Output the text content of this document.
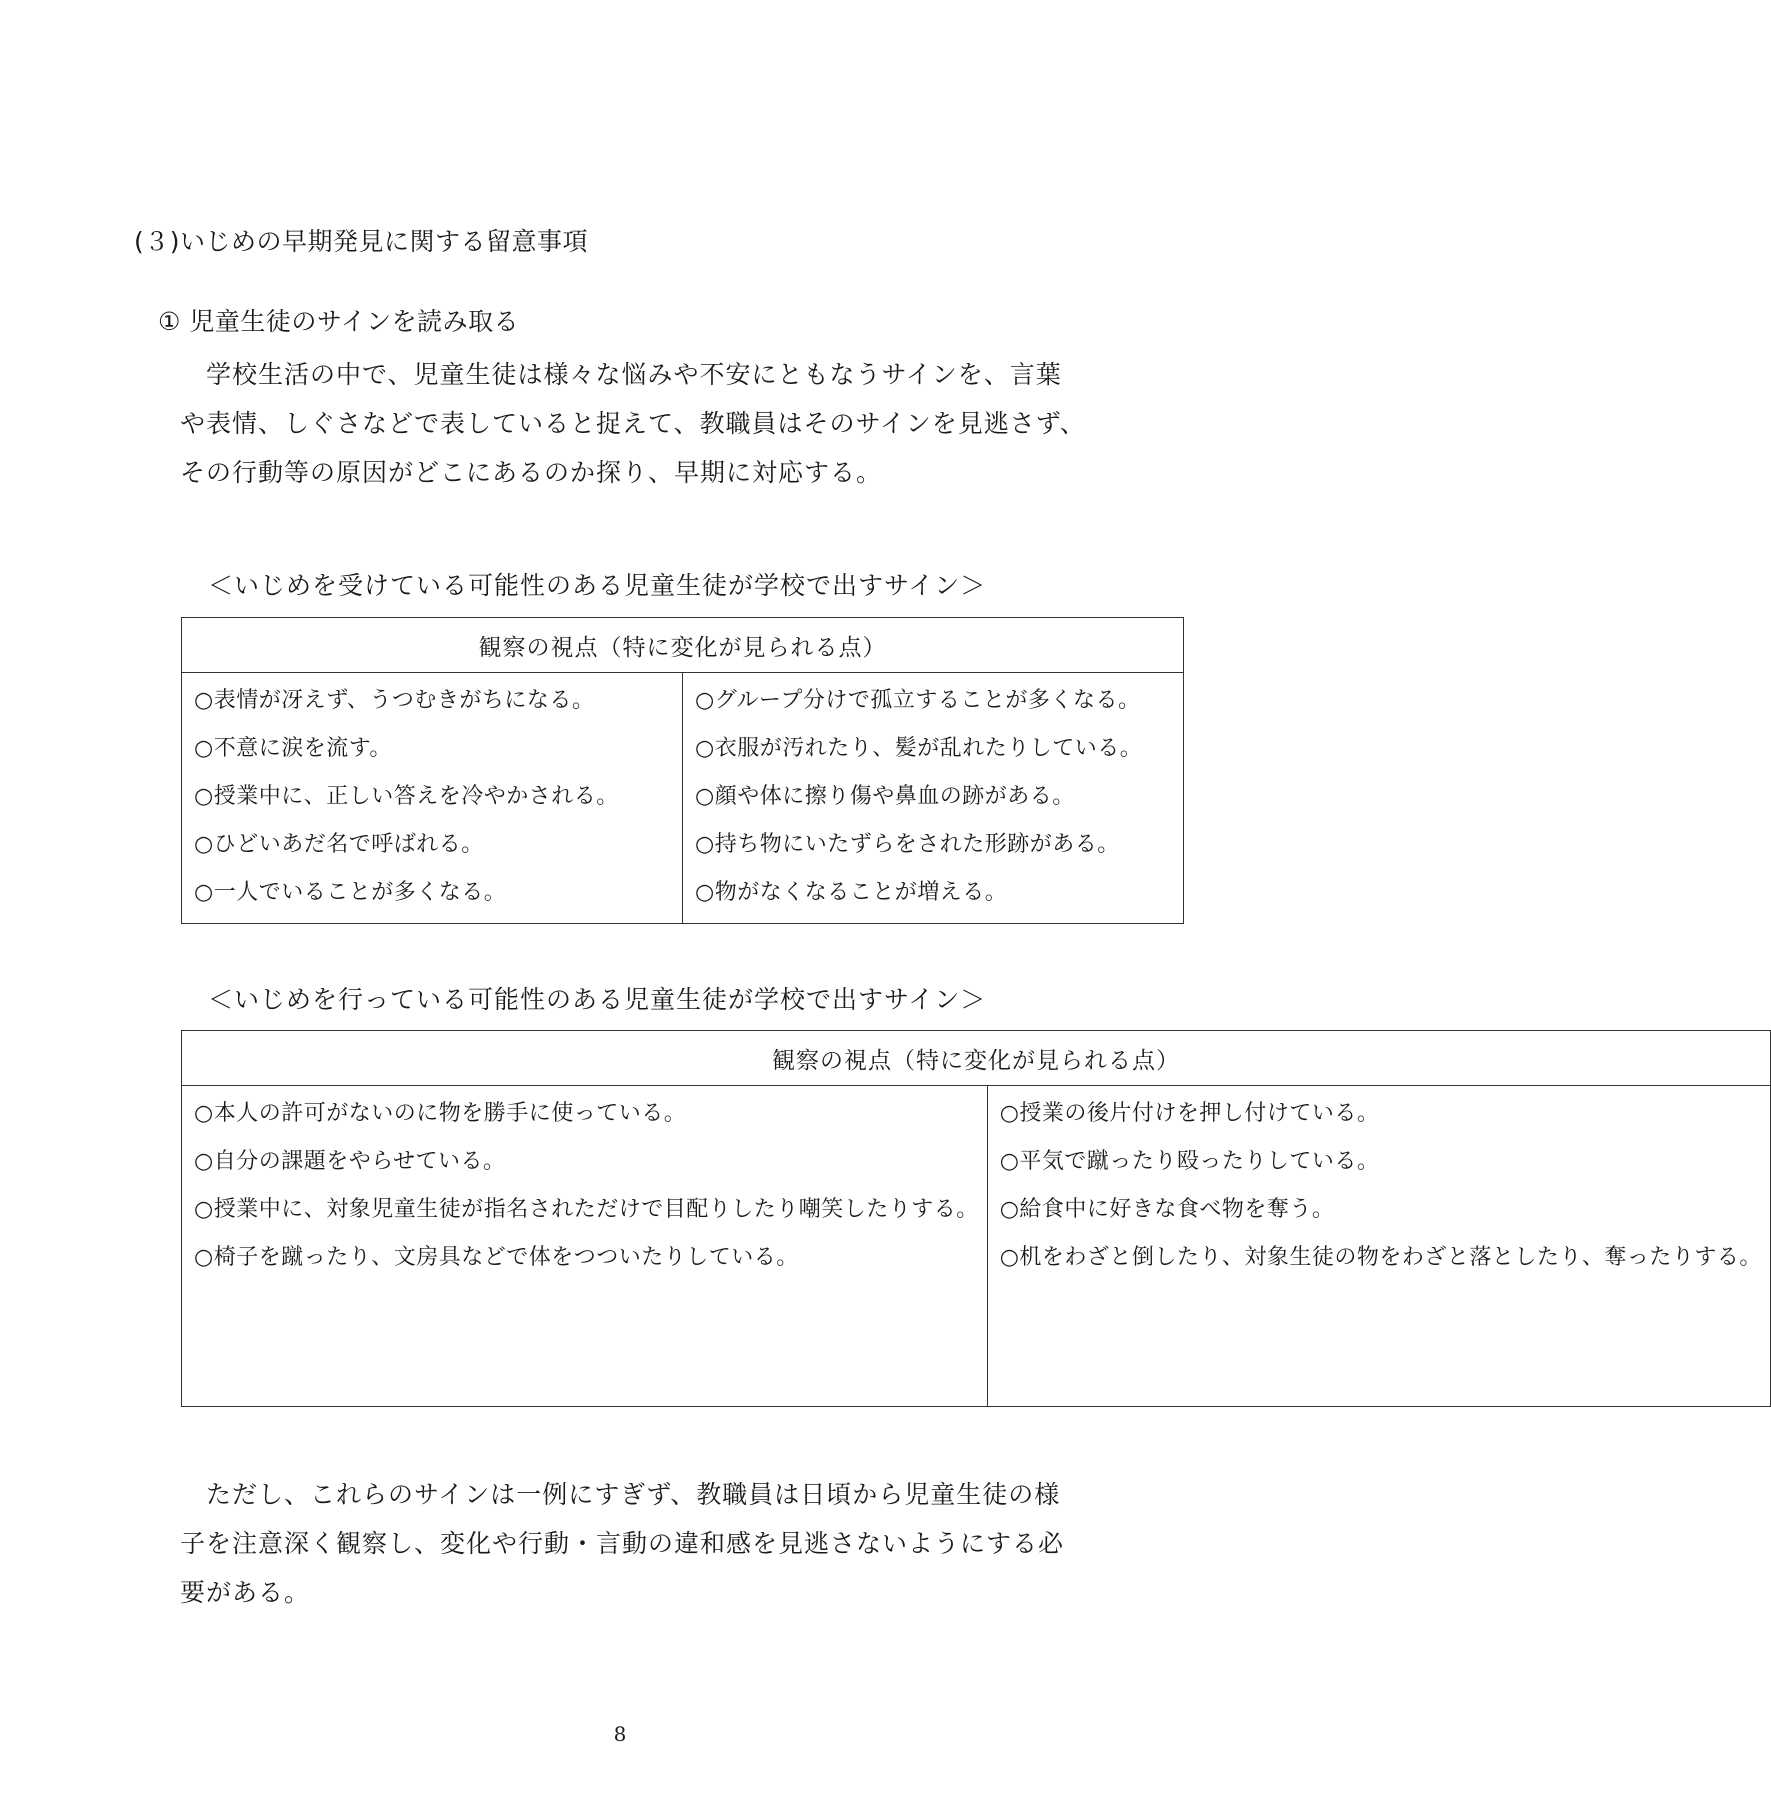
(３)いじめの早期発見に関する留意事項
① 児童生徒のサインを読み取る

学校生活の中で、児童生徒は様々な悩みや不安にともなうサインを、言葉
や表情、しぐさなどで表していると捉えて、教職員はそのサインを見逃さず、
その行動等の原因がどこにあるのか探り、早期に対応する。

＜いじめを受けている可能性のある児童生徒が学校で出すサイン＞
観察の視点（特に変化が見られる点）

○表情が冴えず、うつむきがちになる。
○不意に涙を流す。
○授業中に、正しい答えを冷やかされる。
○ひどいあだ名で呼ばれる。
○一人でいることが多くなる。

○グループ分けで孤立することが多くなる。
○衣服が汚れたり、髪が乱れたりしている。
○顔や体に擦り傷や鼻血の跡がある。
○持ち物にいたずらをされた形跡がある。
○物がなくなることが増える。
＜いじめを行っている可能性のある児童生徒が学校で出すサイン＞
観察の視点（特に変化が見られる点）

○本人の許可がないのに物を勝手に使っている。
○自分の課題をやらせている。
○授業中に、対象児童生徒が指名されただけで目配りしたり嘲笑したりする。
○椅子を蹴ったり、文房具などで体をつついたりしている。

○授業の後片付けを押し付けている。
○平気で蹴ったり殴ったりしている。
○給食中に好きな食べ物を奪う。
○机をわざと倒したり、対象生徒の物をわざと落としたり、奪ったりする。

ただし、これらのサインは一例にすぎず、教職員は日頃から児童生徒の様
子を注意深く観察し、変化や行動・言動の違和感を見逃さないようにする必
要がある。

8
